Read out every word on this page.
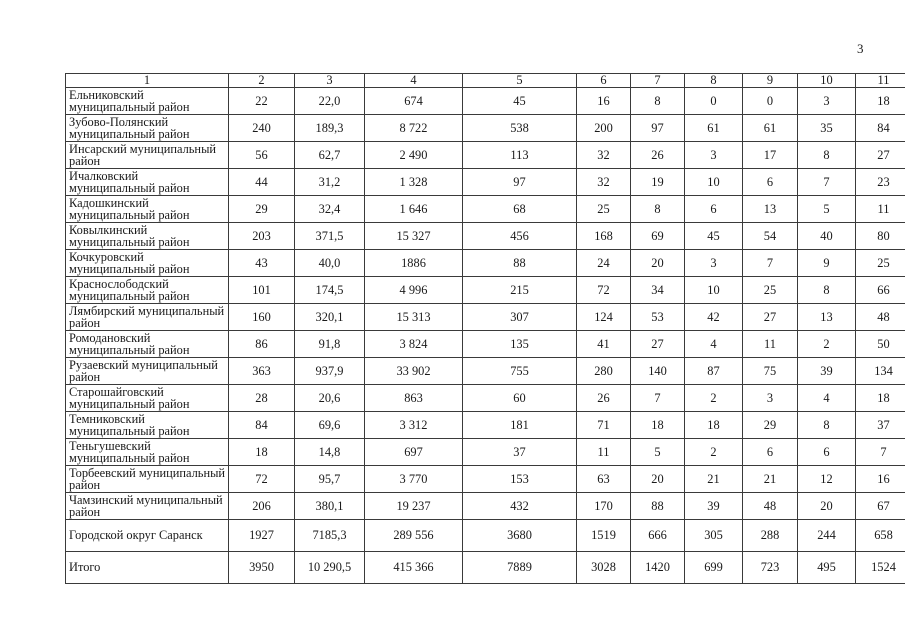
3
1	2	3	4	5	6	7	8	9	10	11
Ельниковский муниципальный район	22	22,0	674	45	16	8	0	0	3	18
Зубово-Полянский муниципальный район	240	189,3	8 722	538	200	97	61	61	35	84
Инсарский муниципальный район	56	62,7	2 490	113	32	26	3	17	8	27
Ичалковский муниципальный район	44	31,2	1 328	97	32	19	10	6	7	23
Кадошкинский муниципальный район	29	32,4	1 646	68	25	8	6	13	5	11
Ковылкинский муниципальный район	203	371,5	15 327	456	168	69	45	54	40	80
Кочкуровский муниципальный район	43	40,0	1886	88	24	20	3	7	9	25
Краснослободский муниципальный район	101	174,5	4 996	215	72	34	10	25	8	66
Лямбирский муниципальный район	160	320,1	15 313	307	124	53	42	27	13	48
Ромодановский муниципальный район	86	91,8	3 824	135	41	27	4	11	2	50
Рузаевский муниципальный район	363	937,9	33 902	755	280	140	87	75	39	134
Старошайговский муниципальный район	28	20,6	863	60	26	7	2	3	4	18
Темниковский муниципальный район	84	69,6	3 312	181	71	18	18	29	8	37
Теньгушевский муниципальный район	18	14,8	697	37	11	5	2	6	6	7
Торбеевский муниципальный район	72	95,7	3 770	153	63	20	21	21	12	16
Чамзинский муниципальный район	206	380,1	19 237	432	170	88	39	48	20	67
Городской округ Саранск	1927	7185,3	289 556	3680	1519	666	305	288	244	658
Итого	3950	10 290,5	415 366	7889	3028	1420	699	723	495	1524
